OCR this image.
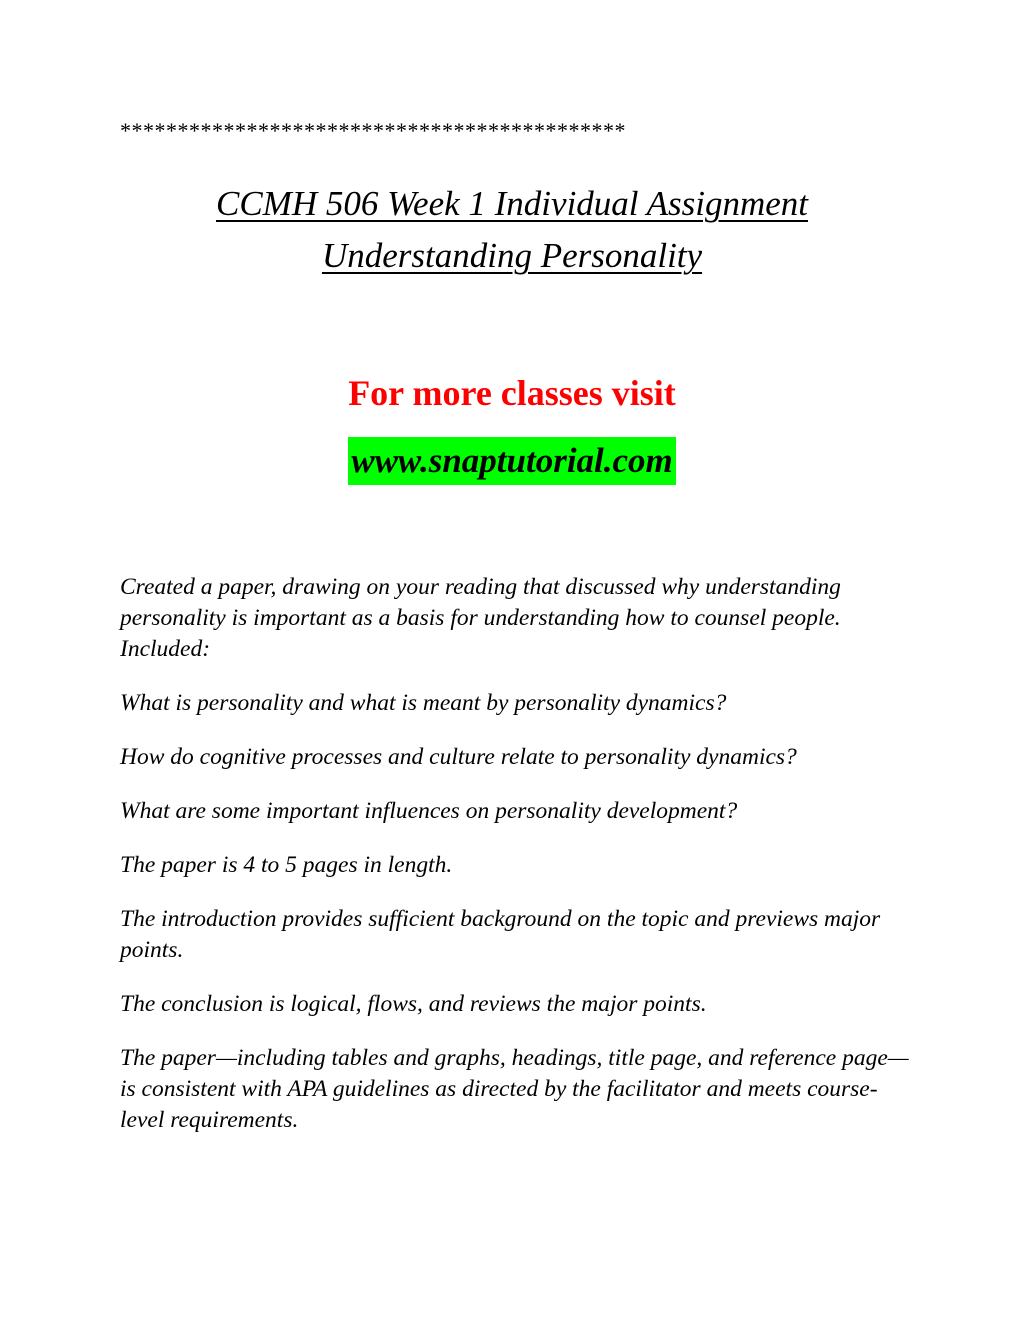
********************************************
CCMH 506 Week 1 Individual Assignment
Understanding Personality
For more classes visit
www.snaptutorial.com

Created a paper, drawing on your reading that discussed why understanding personality is important as a basis for understanding how to counsel people. Included:

What is personality and what is meant by personality dynamics?

How do cognitive processes and culture relate to personality dynamics?

What are some important influences on personality development?

The paper is 4 to 5 pages in length.

The introduction provides sufficient background on the topic and previews major points.

The conclusion is logical, flows, and reviews the major points.

The paper—including tables and graphs, headings, title page, and reference page— is consistent with APA guidelines as directed by the facilitator and meets course-level requirements.
